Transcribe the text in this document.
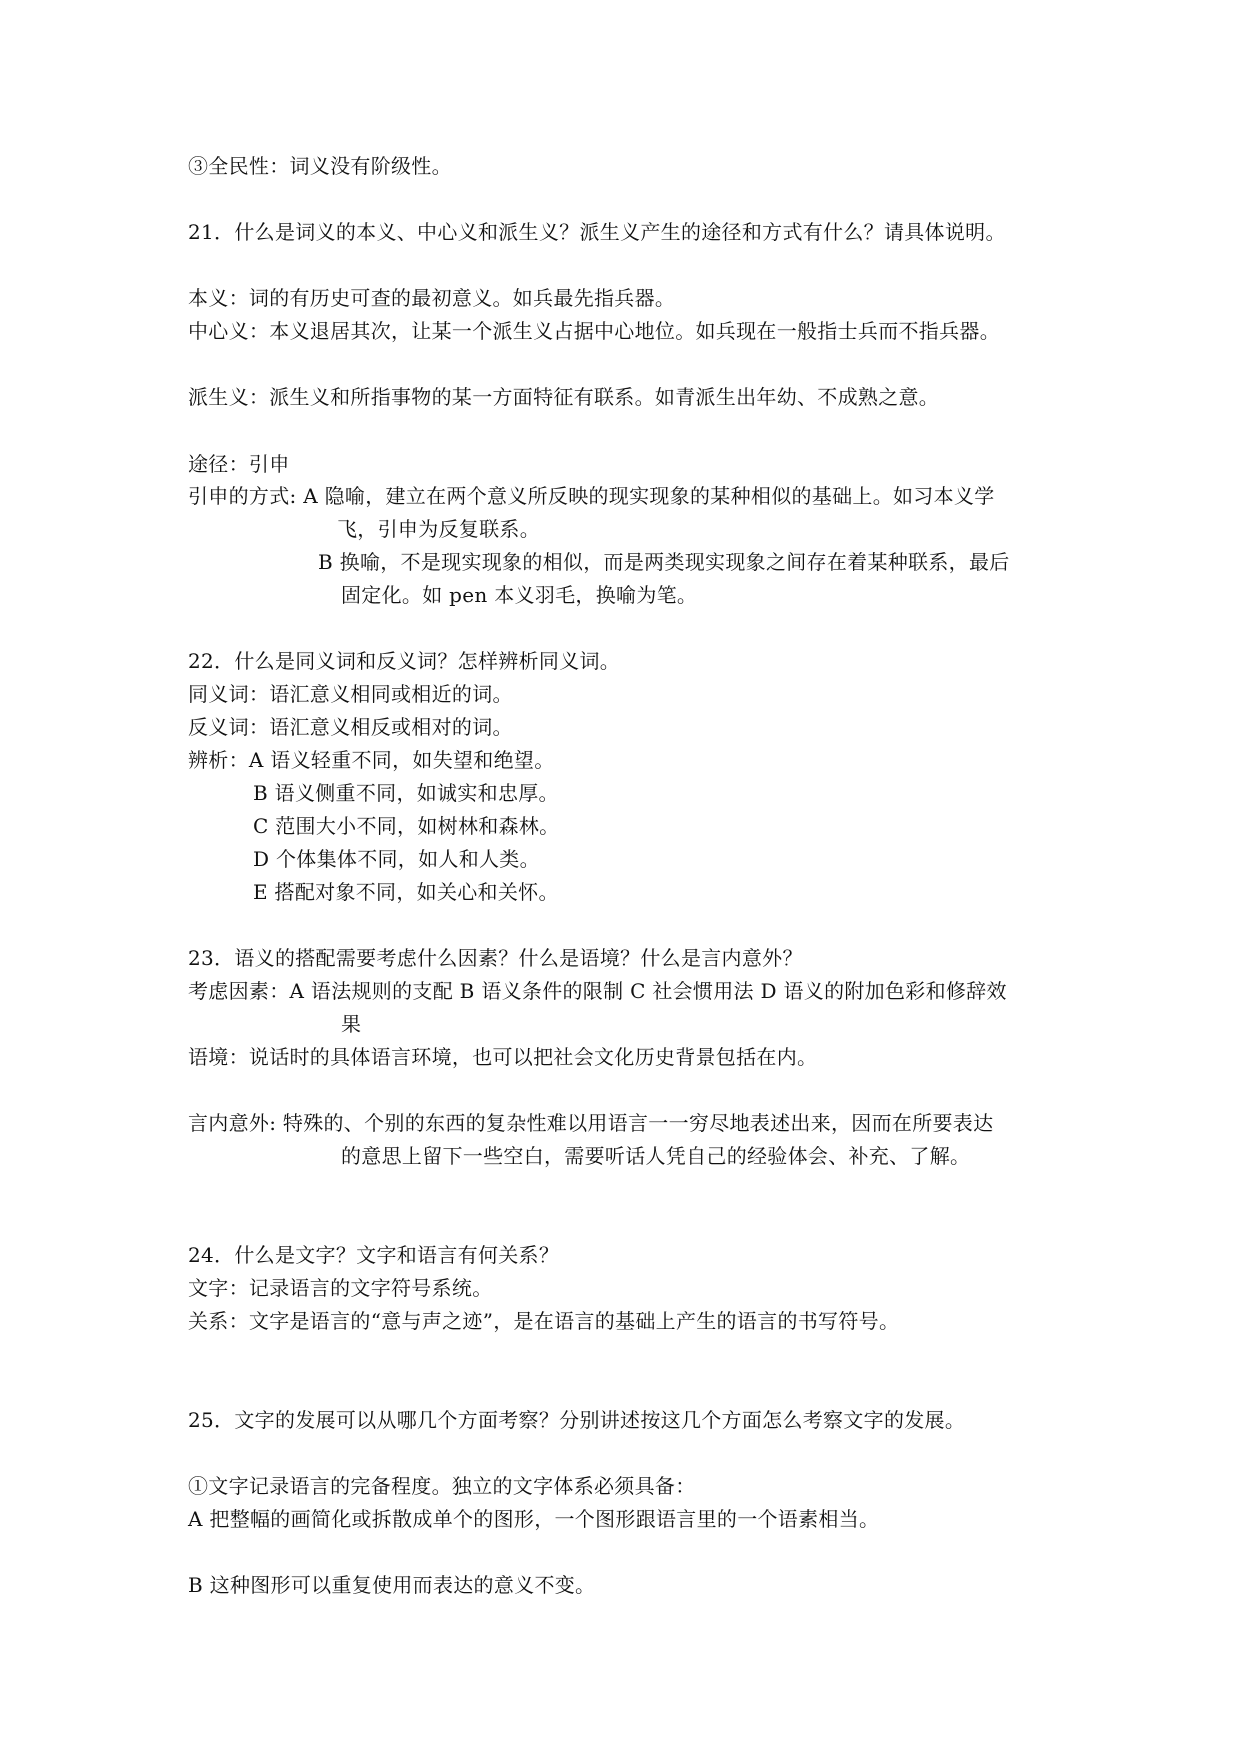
③全民性：词义没有阶级性。
21．什么是词义的本义、中心义和派生义？派生义产生的途径和方式有什么？请具体说明。
本义：词的有历史可查的最初意义。如兵最先指兵器。
中心义：本义退居其次，让某一个派生义占据中心地位。如兵现在一般指士兵而不指兵器。
派生义：派生义和所指事物的某一方面特征有联系。如青派生出年幼、不成熟之意。
途径：引申
引申的方式: A 隐喻，建立在两个意义所反映的现实现象的某种相似的基础上。如习本义学
飞，引申为反复联系。
B 换喻，不是现实现象的相似，而是两类现实现象之间存在着某种联系，最后
固定化。如 pen 本义羽毛，换喻为笔。
22．什么是同义词和反义词？怎样辨析同义词。
同义词：语汇意义相同或相近的词。
反义词：语汇意义相反或相对的词。
辨析：A 语义轻重不同，如失望和绝望。
B 语义侧重不同，如诚实和忠厚。
C 范围大小不同，如树林和森林。
D 个体集体不同，如人和人类。
E 搭配对象不同，如关心和关怀。
23．语义的搭配需要考虑什么因素？什么是语境？什么是言内意外？
考虑因素：A 语法规则的支配 B 语义条件的限制 C 社会惯用法 D 语义的附加色彩和修辞效
果
语境：说话时的具体语言环境，也可以把社会文化历史背景包括在内。
言内意外: 特殊的、个别的东西的复杂性难以用语言一一穷尽地表述出来，因而在所要表达
的意思上留下一些空白，需要听话人凭自己的经验体会、补充、了解。
24．什么是文字？文字和语言有何关系？
文字：记录语言的文字符号系统。
关系：文字是语言的“意与声之迹”，是在语言的基础上产生的语言的书写符号。
25．文字的发展可以从哪几个方面考察？分别讲述按这几个方面怎么考察文字的发展。
①文字记录语言的完备程度。独立的文字体系必须具备：
A 把整幅的画简化或拆散成单个的图形，一个图形跟语言里的一个语素相当。
B 这种图形可以重复使用而表达的意义不变。
